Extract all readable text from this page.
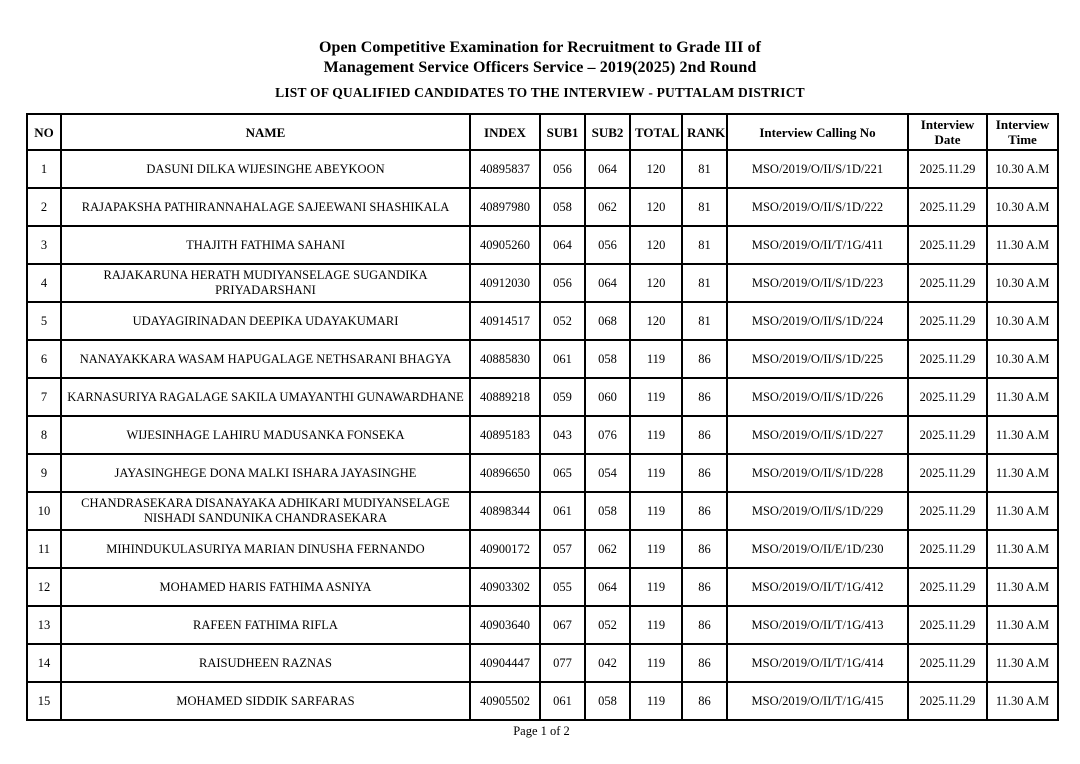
Open Competitive Examination for Recruitment to Grade III of
Management Service Officers Service – 2019(2025) 2nd Round
LIST OF QUALIFIED CANDIDATES TO THE INTERVIEW - PUTTALAM DISTRICT
NO	NAME	INDEX	SUB1	SUB2	TOTAL	RANK	Interview Calling No	Interview Date	Interview Time
1	DASUNI DILKA WIJESINGHE ABEYKOON	40895837	056	064	120	81	MSO/2019/O/II/S/1D/221	2025.11.29	10.30 A.M
2	RAJAPAKSHA PATHIRANNAHALAGE SAJEEWANI SHASHIKALA	40897980	058	062	120	81	MSO/2019/O/II/S/1D/222	2025.11.29	10.30 A.M
3	THAJITH FATHIMA SAHANI	40905260	064	056	120	81	MSO/2019/O/II/T/1G/411	2025.11.29	11.30 A.M
4	RAJAKARUNA HERATH MUDIYANSELAGE SUGANDIKA PRIYADARSHANI	40912030	056	064	120	81	MSO/2019/O/II/S/1D/223	2025.11.29	10.30 A.M
5	UDAYAGIRINADAN DEEPIKA UDAYAKUMARI	40914517	052	068	120	81	MSO/2019/O/II/S/1D/224	2025.11.29	10.30 A.M
6	NANAYAKKARA WASAM HAPUGALAGE NETHSARANI BHAGYA	40885830	061	058	119	86	MSO/2019/O/II/S/1D/225	2025.11.29	10.30 A.M
7	KARNASURIYA RAGALAGE SAKILA UMAYANTHI GUNAWARDHANE	40889218	059	060	119	86	MSO/2019/O/II/S/1D/226	2025.11.29	11.30 A.M
8	WIJESINHAGE LAHIRU MADUSANKA FONSEKA	40895183	043	076	119	86	MSO/2019/O/II/S/1D/227	2025.11.29	11.30 A.M
9	JAYASINGHEGE DONA MALKI ISHARA JAYASINGHE	40896650	065	054	119	86	MSO/2019/O/II/S/1D/228	2025.11.29	11.30 A.M
10	CHANDRASEKARA DISANAYAKA ADHIKARI MUDIYANSELAGE NISHADI SANDUNIKA CHANDRASEKARA	40898344	061	058	119	86	MSO/2019/O/II/S/1D/229	2025.11.29	11.30 A.M
11	MIHINDUKULASURIYA MARIAN DINUSHA FERNANDO	40900172	057	062	119	86	MSO/2019/O/II/E/1D/230	2025.11.29	11.30 A.M
12	MOHAMED HARIS FATHIMA ASNIYA	40903302	055	064	119	86	MSO/2019/O/II/T/1G/412	2025.11.29	11.30 A.M
13	RAFEEN FATHIMA RIFLA	40903640	067	052	119	86	MSO/2019/O/II/T/1G/413	2025.11.29	11.30 A.M
14	RAISUDHEEN RAZNAS	40904447	077	042	119	86	MSO/2019/O/II/T/1G/414	2025.11.29	11.30 A.M
15	MOHAMED SIDDIK SARFARAS	40905502	061	058	119	86	MSO/2019/O/II/T/1G/415	2025.11.29	11.30 A.M
Page 1 of 2
